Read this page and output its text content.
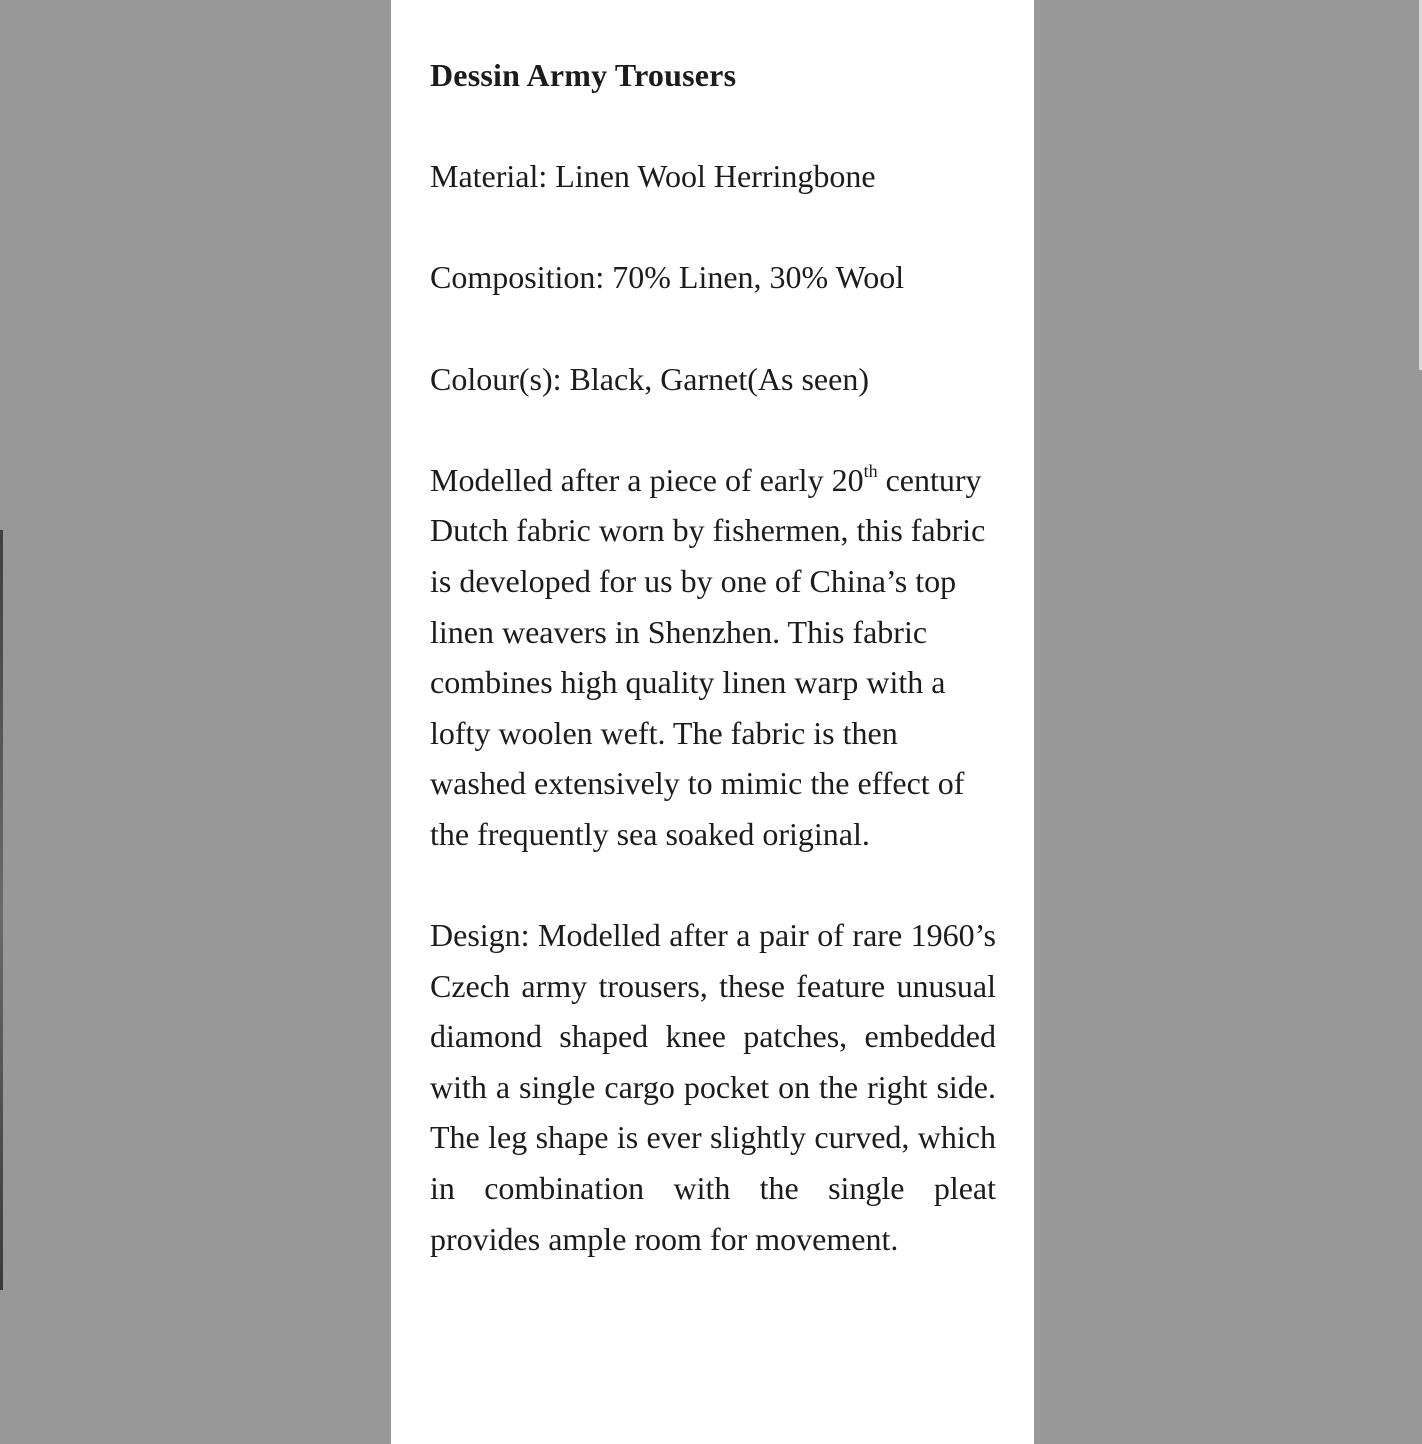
Dessin Army Trousers

Material: Linen Wool Herringbone

Composition: 70% Linen, 30% Wool

Colour(s): Black, Garnet(As seen)

Modelled after a piece of early 20th century Dutch fabric worn by fishermen, this fabric is developed for us by one of China’s top linen weavers in Shenzhen. This fabric combines high quality linen warp with a lofty woolen weft. The fabric is then washed extensively to mimic the effect of the frequently sea soaked original.

Design: Modelled after a pair of rare 1960’s Czech army trousers, these feature unusual diamond shaped knee patches, embedded with a single cargo pocket on the right side. The leg shape is ever slightly curved, which in combination with the single pleat provides ample room for movement.
